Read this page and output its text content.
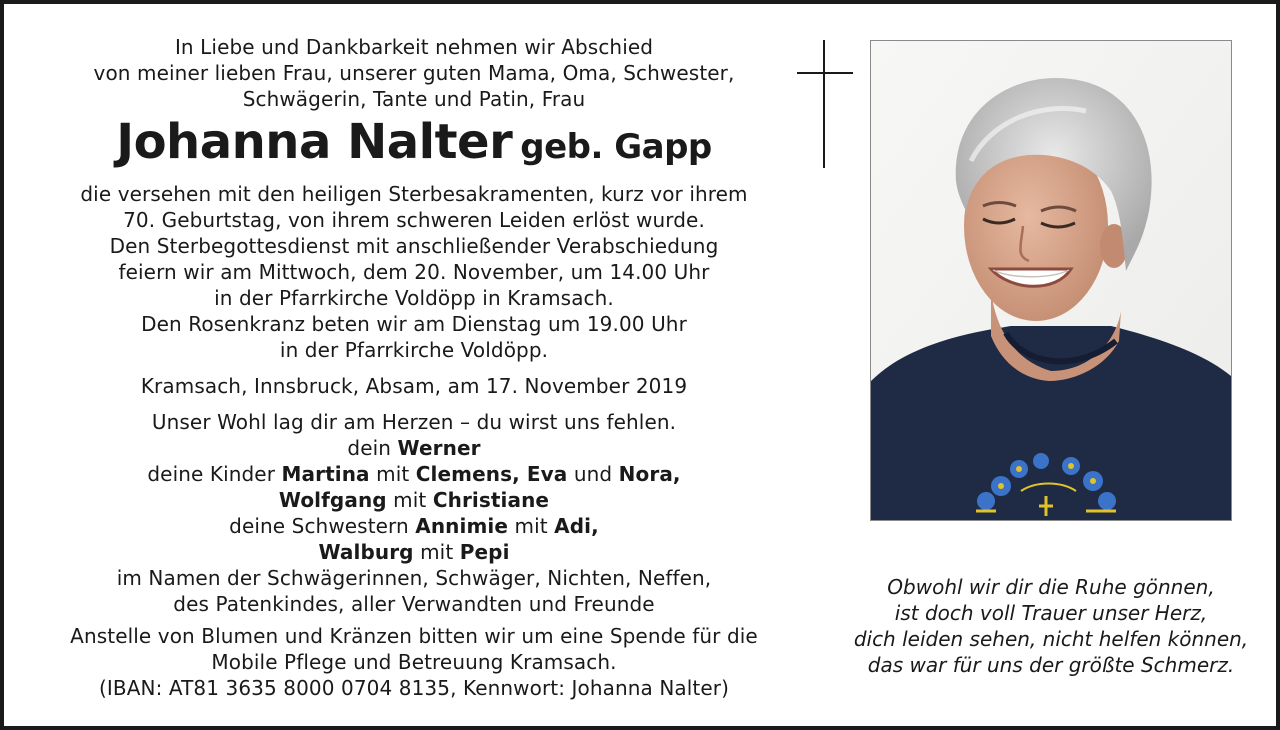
In Liebe und Dankbarkeit nehmen wir Abschied
von meiner lieben Frau, unserer guten Mama, Oma, Schwester,
Schwägerin, Tante und Patin, Frau
Johanna Nalter geb. Gapp
die versehen mit den heiligen Sterbesakramenten, kurz vor ihrem
70. Geburtstag, von ihrem schweren Leiden erlöst wurde.
Den Sterbegottesdienst mit anschließender Verabschiedung
feiern wir am Mittwoch, dem 20. November, um 14.00 Uhr
in der Pfarrkirche Voldöpp in Kramsach.
Den Rosenkranz beten wir am Dienstag um 19.00 Uhr
in der Pfarrkirche Voldöpp.
Kramsach, Innsbruck, Absam, am 17. November 2019
Unser Wohl lag dir am Herzen – du wirst uns fehlen.
dein Werner
deine Kinder Martina mit Clemens, Eva und Nora,
Wolfgang mit Christiane
deine Schwestern Annimie mit Adi,
Walburg mit Pepi
im Namen der Schwägerinnen, Schwäger, Nichten, Neffen,
des Patenkindes, aller Verwandten und Freunde
Anstelle von Blumen und Kränzen bitten wir um eine Spende für die
Mobile Pflege und Betreuung Kramsach.
(IBAN: AT81 3635 8000 0704 8135, Kennwort: Johanna Nalter)
Obwohl wir dir die Ruhe gönnen,
ist doch voll Trauer unser Herz,
dich leiden sehen, nicht helfen können,
das war für uns der größte Schmerz.
